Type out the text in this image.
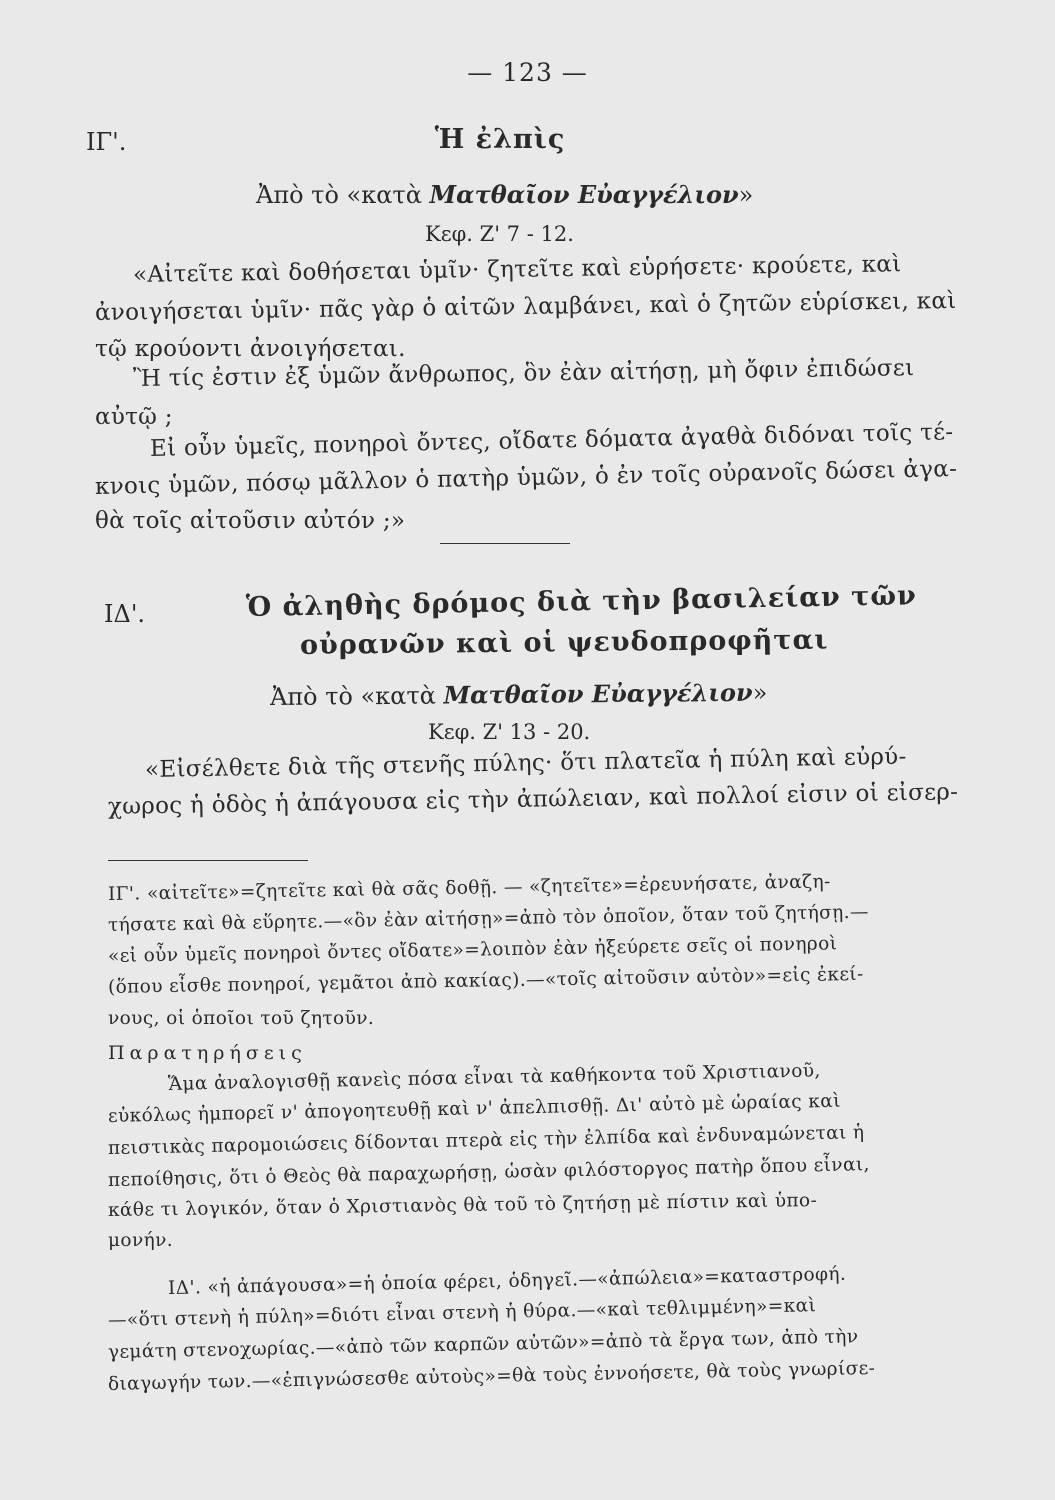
— 123 —
ΙΓ'.	Ἡ ἐλπὶς
Ἀπὸ τὸ «κατὰ Ματθαῖον Εὐαγγέλιον»
Κεφ. Ζ' 7 - 12.
«Αἰτεῖτε καὶ δοθήσεται ὑμῖν· ζητεῖτε καὶ εὑρήσετε· κρούετε, καὶ
ἀνοιγήσεται ὑμῖν· πᾶς γὰρ ὁ αἰτῶν λαμβάνει, καὶ ὁ ζητῶν εὑρίσκει, καὶ
τῷ κρούοντι ἀνοιγήσεται.
Ἢ τίς ἐστιν ἐξ ὑμῶν ἄνθρωπος, ὃν ἐὰν αἰτήσῃ, μὴ ὄφιν ἐπιδώσει
αὐτῷ ;
Εἰ οὖν ὑμεῖς, πονηροὶ ὄντες, οἴδατε δόματα ἀγαθὰ διδόναι τοῖς τέ-
κνοις ὑμῶν, πόσῳ μᾶλλον ὁ πατὴρ ὑμῶν, ὁ ἐν τοῖς οὐρανοῖς δώσει ἀγα-
θὰ τοῖς αἰτοῦσιν αὐτόν ;»
ΙΔ'.	Ὁ ἀληθὴς δρόμος διὰ τὴν βασιλείαν τῶν
οὐρανῶν καὶ οἱ ψευδοπροφῆται
Ἀπὸ τὸ «κατὰ Ματθαῖον Εὐαγγέλιον»
Κεφ. Ζ' 13 - 20.
«Εἰσέλθετε διὰ τῆς στενῆς πύλης· ὅτι πλατεῖα ἡ πύλη καὶ εὐρύ-
χωρος ἡ ὁδὸς ἡ ἀπάγουσα εἰς τὴν ἀπώλειαν, καὶ πολλοί εἰσιν οἱ εἰσερ-
ΙΓ'. «αἰτεῖτε»=ζητεῖτε καὶ θὰ σᾶς δοθῇ. — «ζητεῖτε»=ἐρευνήσατε, ἀναζη-
τήσατε καὶ θὰ εὕρητε.—«ὃν ἐὰν αἰτήσῃ»=ἀπὸ τὸν ὁποῖον, ὅταν τοῦ ζητήσῃ.—
«εἰ οὖν ὑμεῖς πονηροὶ ὄντες οἴδατε»=λοιπὸν ἐὰν ἠξεύρετε σεῖς οἱ πονηροὶ
(ὅπου εἶσθε πονηροί, γεμᾶτοι ἀπὸ κακίας).—«τοῖς αἰτοῦσιν αὐτὸν»=εἰς ἐκεί-
νους, οἱ ὁποῖοι τοῦ ζητοῦν.
Παρατηρήσεις
Ἅμα ἀναλογισθῇ κανεὶς πόσα εἶναι τὰ καθήκοντα τοῦ Χριστιανοῦ,
εὐκόλως ἠμπορεῖ ν' ἀπογοητευθῇ καὶ ν' ἀπελπισθῇ. Δι' αὐτὸ μὲ ὡραίας καὶ
πειστικὰς παρομοιώσεις δίδονται πτερὰ εἰς τὴν ἐλπίδα καὶ ἐνδυναμώνεται ἡ
πεποίθησις, ὅτι ὁ Θεὸς θὰ παραχωρήσῃ, ὡσὰν φιλόστοργος πατὴρ ὅπου εἶναι,
κάθε τι λογικόν, ὅταν ὁ Χριστιανὸς θὰ τοῦ τὸ ζητήσῃ μὲ πίστιν καὶ ὑπο-
μονήν.
ΙΔ'. «ἡ ἀπάγουσα»=ἡ ὁποία φέρει, ὁδηγεῖ.—«ἀπώλεια»=καταστροφή.
—«ὅτι στενὴ ἡ πύλη»=διότι εἶναι στενὴ ἡ θύρα.—«καὶ τεθλιμμένη»=καὶ
γεμάτη στενοχωρίας.—«ἀπὸ τῶν καρπῶν αὐτῶν»=ἀπὸ τὰ ἔργα των, ἀπὸ τὴν
διαγωγήν των.—«ἐπιγνώσεσθε αὐτοὺς»=θὰ τοὺς ἐννοήσετε, θὰ τοὺς γνωρίσε-
